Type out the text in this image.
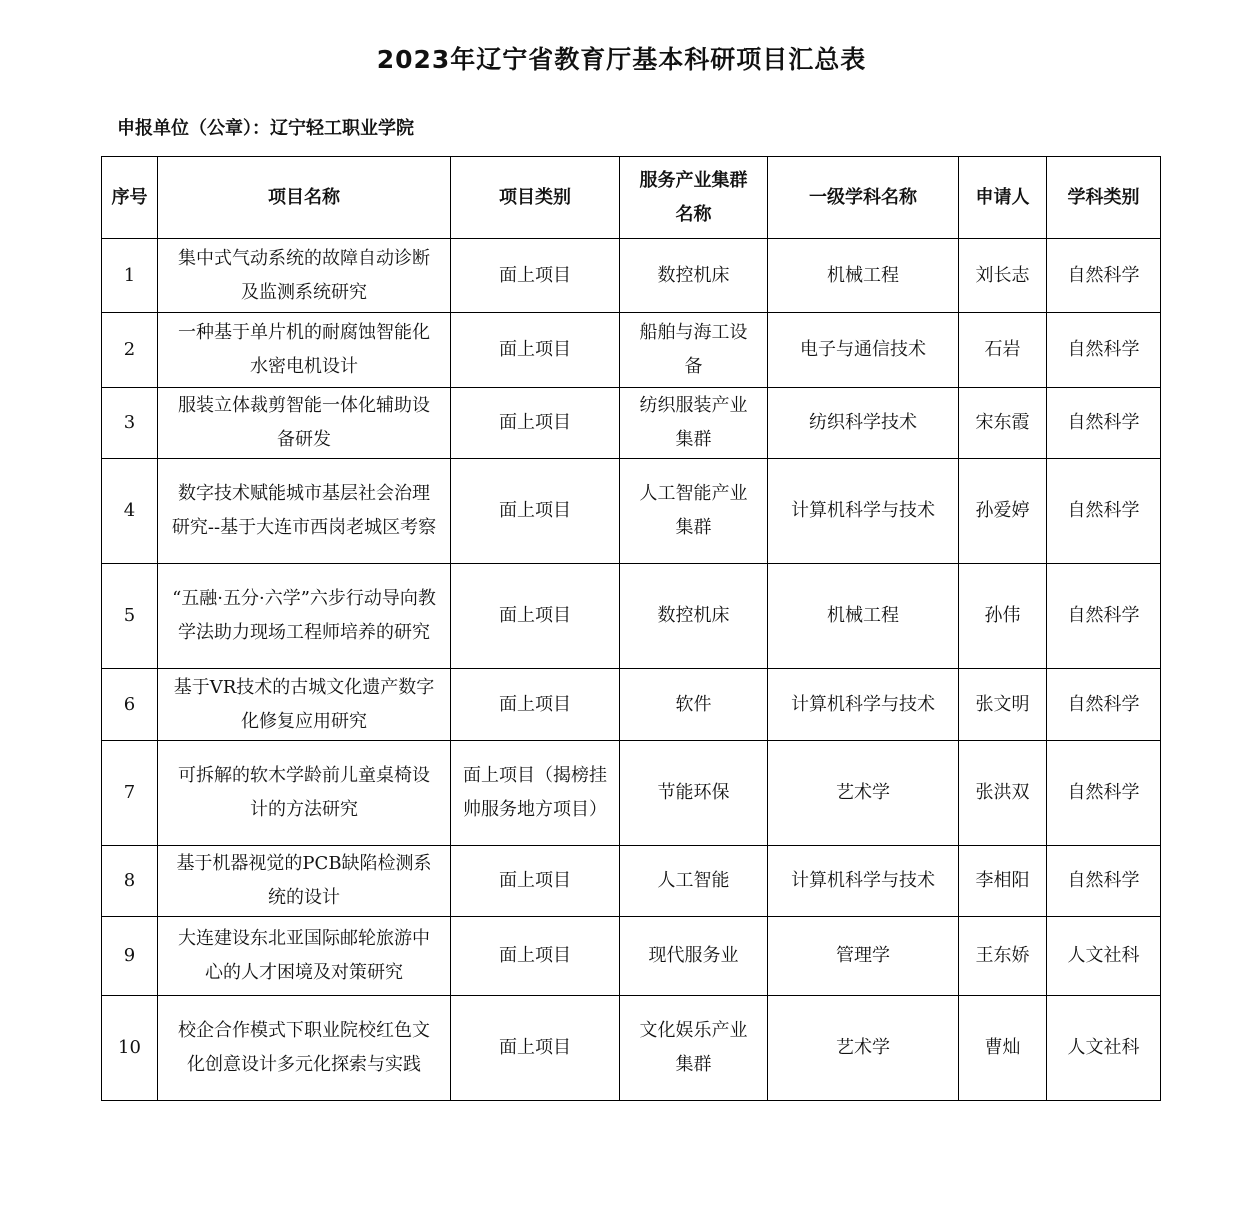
2023年辽宁省教育厅基本科研项目汇总表
申报单位（公章）：辽宁轻工职业学院
序号	项目名称	项目类别	服务产业集群名称	一级学科名称	申请人	学科类别
1	集中式气动系统的故障自动诊断及监测系统研究	面上项目	数控机床	机械工程	刘长志	自然科学
2	一种基于单片机的耐腐蚀智能化水密电机设计	面上项目	船舶与海工设备	电子与通信技术	石岩	自然科学
3	服装立体裁剪智能一体化辅助设备研发	面上项目	纺织服装产业集群	纺织科学技术	宋东霞	自然科学
4	数字技术赋能城市基层社会治理研究--基于大连市西岗老城区考察	面上项目	人工智能产业集群	计算机科学与技术	孙爱婷	自然科学
5	“五融·五分·六学”六步行动导向教学法助力现场工程师培养的研究	面上项目	数控机床	机械工程	孙伟	自然科学
6	基于VR技术的古城文化遗产数字化修复应用研究	面上项目	软件	计算机科学与技术	张文明	自然科学
7	可拆解的软木学龄前儿童桌椅设计的方法研究	面上项目（揭榜挂帅服务地方项目）	节能环保	艺术学	张洪双	自然科学
8	基于机器视觉的PCB缺陷检测系统的设计	面上项目	人工智能	计算机科学与技术	李相阳	自然科学
9	大连建设东北亚国际邮轮旅游中心的人才困境及对策研究	面上项目	现代服务业	管理学	王东娇	人文社科
10	校企合作模式下职业院校红色文化创意设计多元化探索与实践	面上项目	文化娱乐产业集群	艺术学	曹灿	人文社科
